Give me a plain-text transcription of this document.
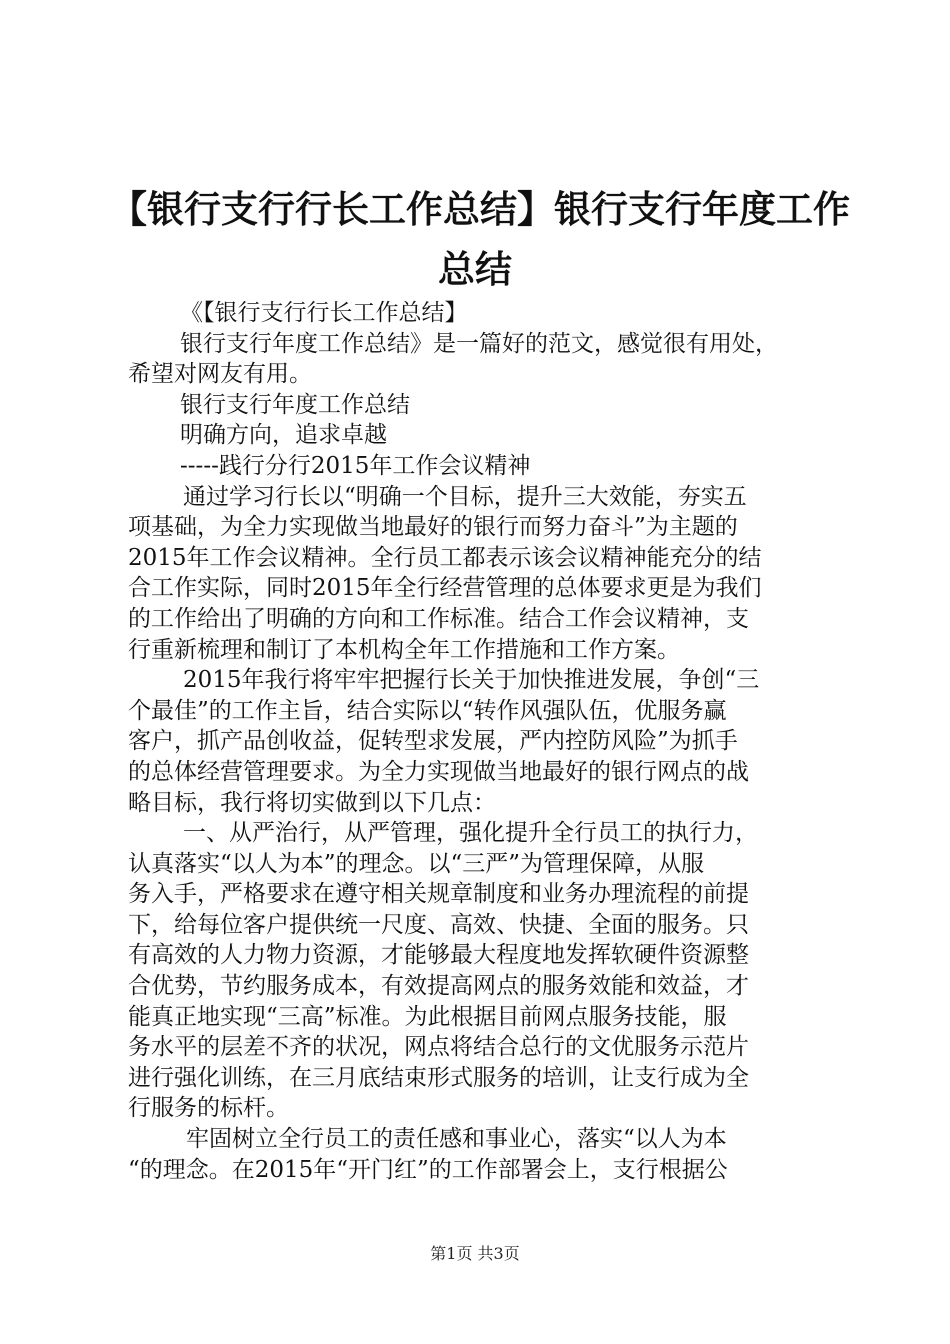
【银行支行行长工作总结】银行支行年度工作
总结
《【银行支行行长工作总结】
银行支行年度工作总结》是一篇好的范文，感觉很有用处，
希望对网友有用。
银行支行年度工作总结
明确方向，追求卓越
-----践行分行2015年工作会议精神
通过学习行长以“明确一个目标，提升三大效能，夯实五
项基础，为全力实现做当地最好的银行而努力奋斗”为主题的
2015年工作会议精神。全行员工都表示该会议精神能充分的结
合工作实际，同时2015年全行经营管理的总体要求更是为我们
的工作给出了明确的方向和工作标准。结合工作会议精神，支
行重新梳理和制订了本机构全年工作措施和工作方案。
2015年我行将牢牢把握行长关于加快推进发展，争创“三
个最佳”的工作主旨，结合实际以“转作风强队伍，优服务赢
客户，抓产品创收益，促转型求发展，严内控防风险”为抓手
的总体经营管理要求。为全力实现做当地最好的银行网点的战
略目标，我行将切实做到以下几点：
一、从严治行，从严管理，强化提升全行员工的执行力，
认真落实“以人为本”的理念。以“三严”为管理保障，从服
务入手，严格要求在遵守相关规章制度和业务办理流程的前提
下，给每位客户提供统一尺度、高效、快捷、全面的服务。只
有高效的人力物力资源，才能够最大程度地发挥软硬件资源整
合优势，节约服务成本，有效提高网点的服务效能和效益，才
能真正地实现“三高”标准。为此根据目前网点服务技能，服
务水平的层差不齐的状况，网点将结合总行的文优服务示范片
进行强化训练，在三月底结束形式服务的培训，让支行成为全
行服务的标杆。
牢固树立全行员工的责任感和事业心，落实“以人为本
“的理念。在2015年“开门红”的工作部署会上，支行根据公
第1页 共3页
